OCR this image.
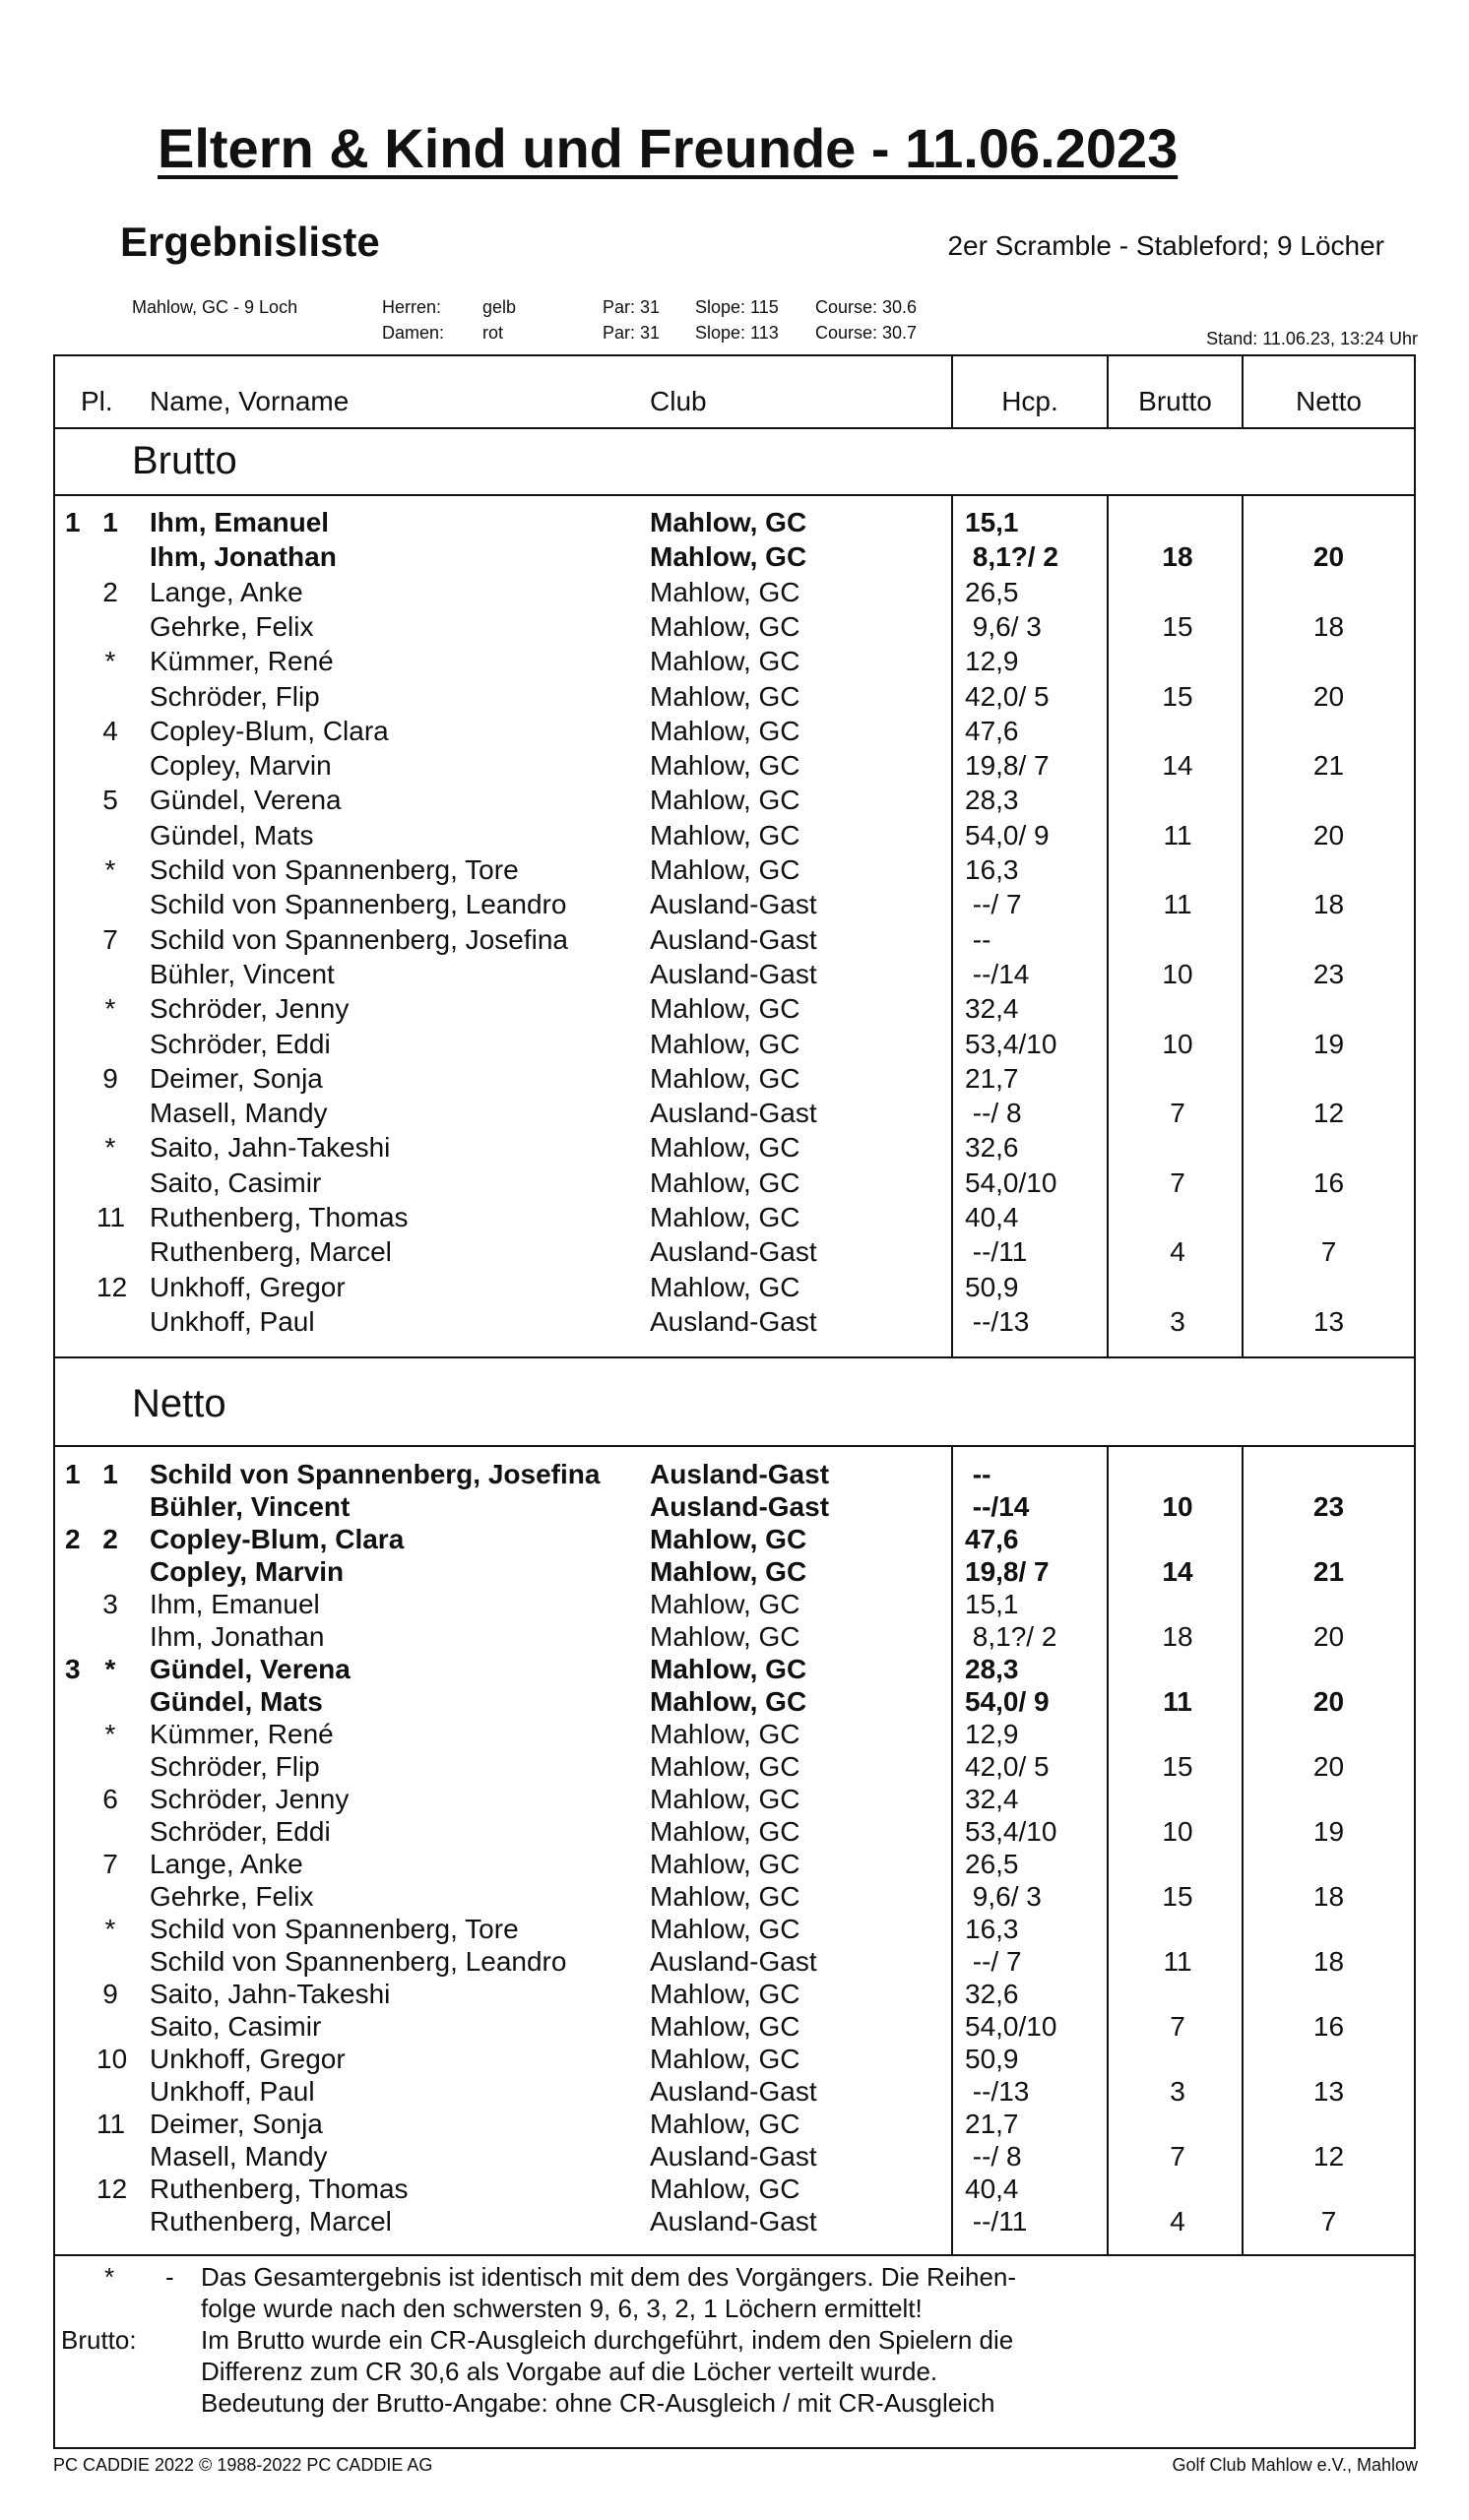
Eltern & Kind und Freunde - 11.06.2023
Ergebnisliste	2er Scramble - Stableford; 9 Löcher
Mahlow, GC - 9 Loch	Herren: gelb	Par: 31 Slope: 115 Course: 30.6
Damen: rot	Par: 31 Slope: 113 Course: 30.7	Stand: 11.06.23, 13:24 Uhr
Pl. Name, Vorname	Club	Hcp.	Brutto	Netto
Brutto
Netto
1 1 Ihm, Emanuel	Mahlow, GC	15,1
Ihm, Jonathan	Mahlow, GC	8,1?/ 2	18	20
2 Lange, Anke	Mahlow, GC	26,5
Gehrke, Felix	Mahlow, GC	9,6/ 3	15	18
*	Kümmer, René	Mahlow, GC	12,9
Schröder, Flip	Mahlow, GC	42,0/ 5	15	20
4 Copley-Blum, Clara	Mahlow, GC	47,6
Copley, Marvin	Mahlow, GC	19,8/ 7	14	21
5 Gündel, Verena	Mahlow, GC	28,3
Gündel, Mats	Mahlow, GC	54,0/ 9	11	20
*	Schild von Spannenberg, Tore	Mahlow, GC	16,3
Schild von Spannenberg, Leandro	Ausland-Gast	--/ 7	11	18
7 Schild von Spannenberg, Josefina	Ausland-Gast	--
Bühler, Vincent	Ausland-Gast	--/14	10	23
*	Schröder, Jenny	Mahlow, GC	32,4
Schröder, Eddi	Mahlow, GC	53,4/10	10	19
9 Deimer, Sonja	Mahlow, GC	21,7
Masell, Mandy	Ausland-Gast	--/ 8	7	12
*	Saito, Jahn-Takeshi	Mahlow, GC	32,6
Saito, Casimir	Mahlow, GC	54,0/10	7	16
11 Ruthenberg, Thomas	Mahlow, GC	40,4
Ruthenberg, Marcel	Ausland-Gast	--/11	4	7
12 Unkhoff, Gregor	Mahlow, GC	50,9
Unkhoff, Paul	Ausland-Gast	--/13	3	13
1 1 Schild von Spannenberg, Josefina Ausland-Gast	--
Bühler, Vincent	Ausland-Gast	--/14	10	23
2 2 Copley-Blum, Clara	Mahlow, GC	47,6
Copley, Marvin	Mahlow, GC	19,8/ 7	14	21
3 Ihm, Emanuel	Mahlow, GC	15,1
Ihm, Jonathan	Mahlow, GC	8,1?/ 2	18	20
3 *	Gündel, Verena	Mahlow, GC	28,3
Gündel, Mats	Mahlow, GC	54,0/ 9	11	20
*	Kümmer, René	Mahlow, GC	12,9
Schröder, Flip	Mahlow, GC	42,0/ 5	15	20
6 Schröder, Jenny	Mahlow, GC	32,4
Schröder, Eddi	Mahlow, GC	53,4/10	10	19
7 Lange, Anke	Mahlow, GC	26,5
Gehrke, Felix	Mahlow, GC	9,6/ 3	15	18
*	Schild von Spannenberg, Tore	Mahlow, GC	16,3
Schild von Spannenberg, Leandro	Ausland-Gast	--/ 7	11	18
9 Saito, Jahn-Takeshi	Mahlow, GC	32,6
Saito, Casimir	Mahlow, GC	54,0/10	7	16
10 Unkhoff, Gregor	Mahlow, GC	50,9
Unkhoff, Paul	Ausland-Gast	--/13	3	13
11 Deimer, Sonja	Mahlow, GC	21,7
Masell, Mandy	Ausland-Gast	--/ 8	7	12
12 Ruthenberg, Thomas	Mahlow, GC	40,4
Ruthenberg, Marcel	Ausland-Gast	--/11	4	7
* - Das Gesamtergebnis ist identisch mit dem des Vorgängers. Die Reihen-
folge wurde nach den schwersten 9, 6, 3, 2, 1 Löchern ermittelt!
Brutto:	Im Brutto wurde ein CR-Ausgleich durchgeführt, indem den Spielern die
Differenz zum CR 30,6 als Vorgabe auf die Löcher verteilt wurde.
Bedeutung der Brutto-Angabe: ohne CR-Ausgleich / mit CR-Ausgleich
PC CADDIE 2022 © 1988-2022 PC CADDIE AG	Golf Club Mahlow e.V., Mahlow
